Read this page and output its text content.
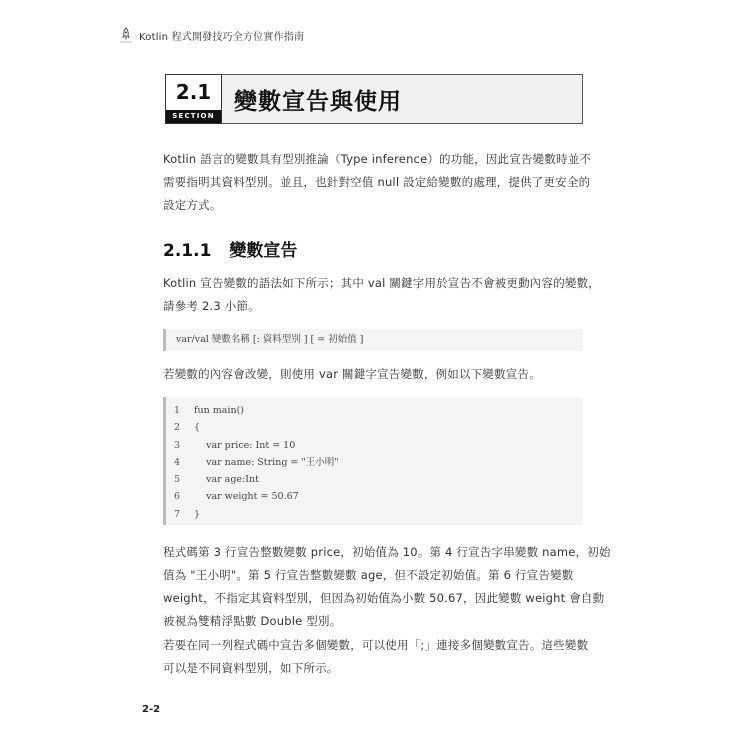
Kotlin 程式開發技巧全方位實作指南
2.1
SECTION
變數宣告與使用
Kotlin 語言的變數具有型別推論（Type inference）的功能，因此宣告變數時並不
需要指明其資料型別。並且，也針對空值 null 設定給變數的處理，提供了更安全的
設定方式。
2.1.1 變數宣告
Kotlin 宣告變數的語法如下所示；其中 val 關鍵字用於宣告不會被更動內容的變數，
請參考 2.3 小節。
var/val 變數名稱 [: 資料型別 ] [ = 初始值 ]
若變數的內容會改變，則使用 var 關鍵字宣告變數，例如以下變數宣告。
1 fun main()
2 {
3 var price: Int = 10
4 var name: String = "王小明"
5 var age:Int
6 var weight = 50.67
7 }
程式碼第 3 行宣告整數變數 price，初始值為 10。第 4 行宣告字串變數 name，初始
值為 "王小明"。第 5 行宣告整數變數 age，但不設定初始值。第 6 行宣告變數
weight，不指定其資料型別，但因為初始值為小數 50.67，因此變數 weight 會自動
被視為雙精浮點數 Double 型別。
若要在同一列程式碼中宣告多個變數，可以使用「;」連接多個變數宣告。這些變數
可以是不同資料型別，如下所示。
2-2
